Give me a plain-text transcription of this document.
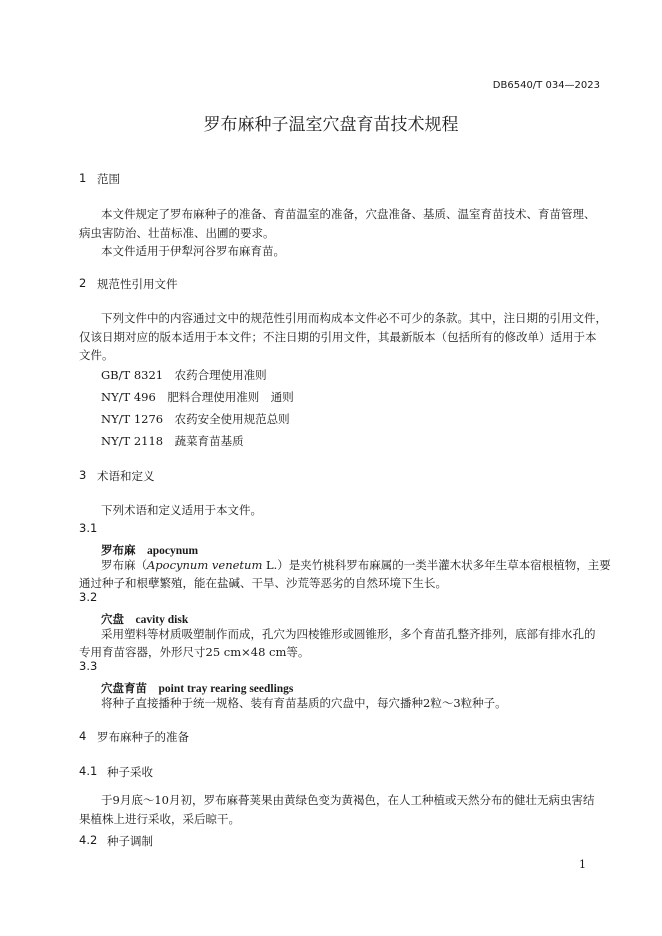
DB6540/T 034—2023
罗布麻种子温室穴盘育苗技术规程
1 范围
本文件规定了罗布麻种子的准备、育苗温室的准备，穴盘准备、基质、温室育苗技术、育苗管理、
病虫害防治、壮苗标准、出圃的要求。
本文件适用于伊犁河谷罗布麻育苗。
2 规范性引用文件
下列文件中的内容通过文中的规范性引用而构成本文件必不可少的条款。其中，注日期的引用文件，
仅该日期对应的版本适用于本文件；不注日期的引用文件，其最新版本（包括所有的修改单）适用于本
文件。
GB/T 8321　 农药合理使用准则
NY/T 496　 肥料合理使用准则　通则
NY/T 1276　 农药安全使用规范总则
NY/T 2118　 蔬菜育苗基质
3 术语和定义
下列术语和定义适用于本文件。
3.1
罗布麻　 apocynum
罗布麻（Apocynum venetum L.）是夹竹桃科罗布麻属的一类半灌木状多年生草本宿根植物，主要
通过种子和根孽繁殖，能在盐碱、干旱、沙荒等恶劣的自然环境下生长。
3.2
穴盘　 cavity disk
采用塑料等材质吸塑制作而成，孔穴为四棱锥形或圆锥形，多个育苗孔整齐排列，底部有排水孔的
专用育苗容器，外形尺寸25 cm×48 cm等。
3.3
穴盘育苗　 point tray rearing seedlings
将种子直接播种于统一规格、装有育苗基质的穴盘中，每穴播种2粒～3粒种子。
4 罗布麻种子的准备
4.1 种子采收
于9月底～10月初，罗布麻蓇荚果由黄绿色变为黄褐色，在人工种植或天然分布的健壮无病虫害结
果植株上进行采收，采后晾干。
4.2 种子调制
1
